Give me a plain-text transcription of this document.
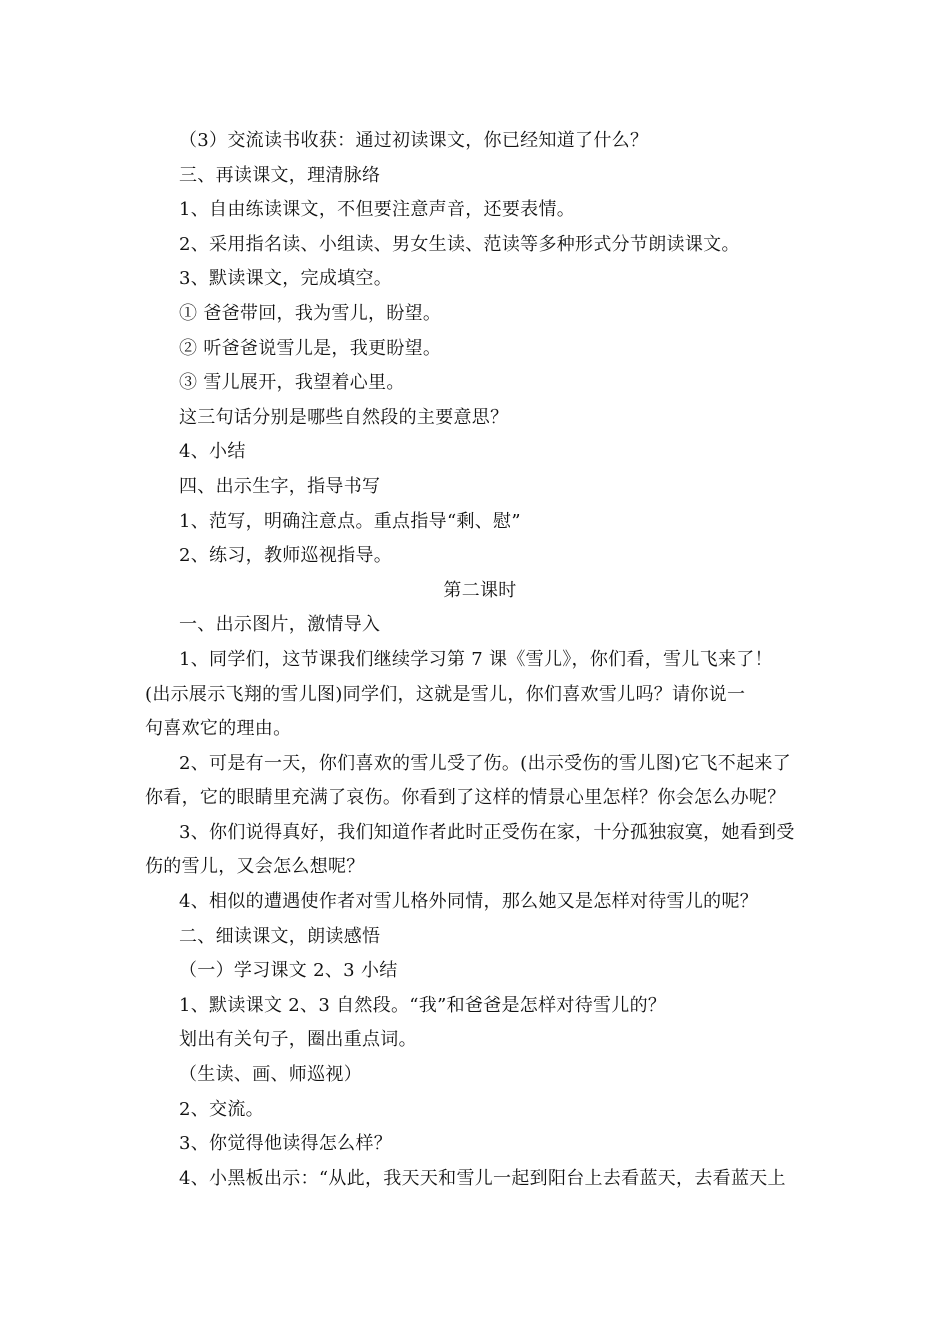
（3）交流读书收获：通过初读课文，你已经知道了什么？
三、再读课文，理清脉络
1、自由练读课文，不但要注意声音，还要表情。
2、采用指名读、小组读、男女生读、范读等多种形式分节朗读课文。
3、默读课文，完成填空。
① 爸爸带回，我为雪儿，盼望。
② 听爸爸说雪儿是，我更盼望。
③ 雪儿展开，我望着心里。
这三句话分别是哪些自然段的主要意思？
4、小结
四、出示生字，指导书写
1、范写，明确注意点。重点指导“剩、慰”
2、练习，教师巡视指导。
第二课时
一、出示图片，激情导入
1、同学们，这节课我们继续学习第 7 课《雪儿》，你们看，雪儿飞来了！
(出示展示飞翔的雪儿图)同学们，这就是雪儿，你们喜欢雪儿吗？请你说一
句喜欢它的理由。
2、可是有一天，你们喜欢的雪儿受了伤。(出示受伤的雪儿图)它飞不起来了
你看，它的眼睛里充满了哀伤。你看到了这样的情景心里怎样？你会怎么办呢？
3、你们说得真好，我们知道作者此时正受伤在家，十分孤独寂寞，她看到受
伤的雪儿，又会怎么想呢？
4、相似的遭遇使作者对雪儿格外同情，那么她又是怎样对待雪儿的呢？
二、细读课文，朗读感悟
（一）学习课文 2、3 小结
1、默读课文 2、3 自然段。“我”和爸爸是怎样对待雪儿的？
划出有关句子，圈出重点词。
（生读、画、师巡视）
2、交流。
3、你觉得他读得怎么样？
4、小黑板出示：“从此，我天天和雪儿一起到阳台上去看蓝天，去看蓝天上
